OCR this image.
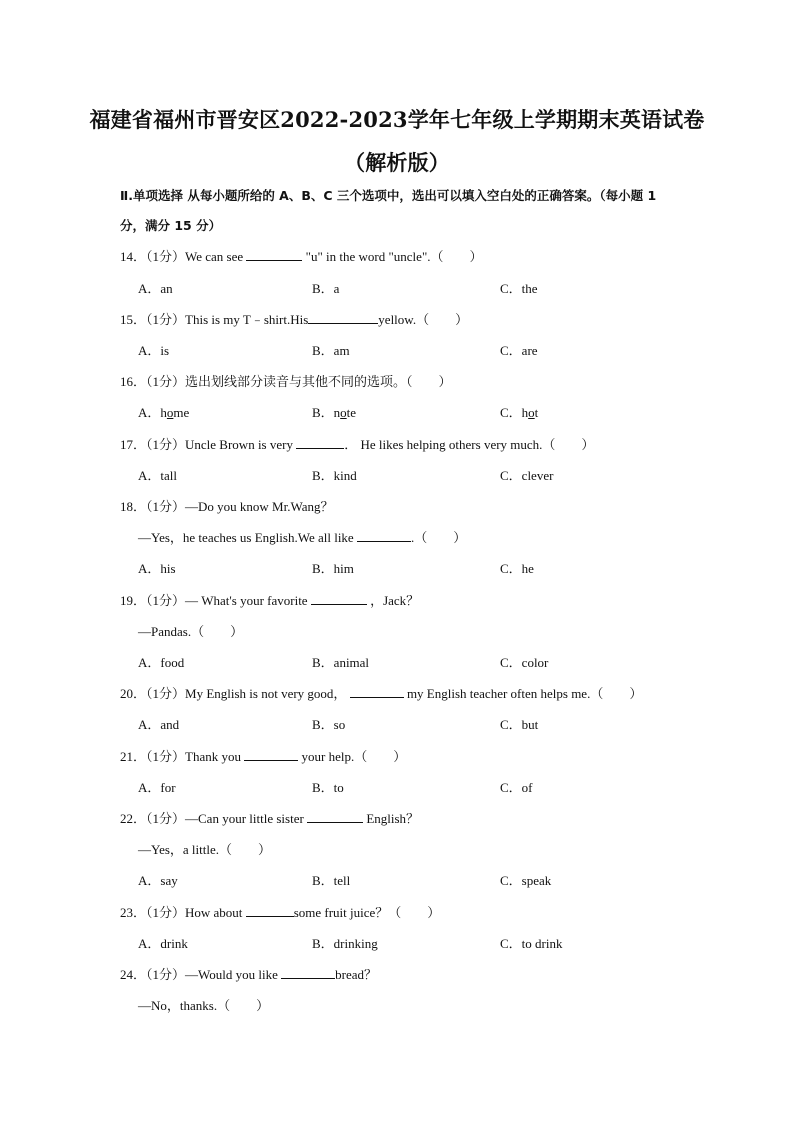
福建省福州市晋安区2022-2023学年七年级上学期期末英语试卷
（解析版）
Ⅱ.单项选择 从每小题所给的 A、B、C 三个选项中，选出可以填入空白处的正确答案。（每小题 1 分，满分 15 分）
14．（1分）We can see	"u" in the word "uncle".（　　）
A．an	B．a	C．the
15．（1分）This is my T﹣shirt.His	yellow.（　　）
A．is	B．am	C．are
16．（1分）选出划线部分读音与其他不同的选项。（　　）
A．home	B．note	C．hot
17．（1分）Uncle Brown is very	． He likes helping others very much.（　　）
A．tall	B．kind	C．clever
18．（1分）—Do you know Mr.Wang？
—Yes，he teaches us English.We all like	.（　　）
A．his	B．him	C．he
19．（1分）— What's your favorite	，Jack？
—Pandas.（　　）
A．food	B．animal	C．color
20．（1分）My English is not very good，	my English teacher often helps me.（　　）
A．and	B．so	C．but
21．（1分）Thank you	your help.（　　）
A．for	B．to	C．of
22．（1分）—Can your little sister	English？
—Yes，a little.（　　）
A．say	B．tell	C．speak
23．（1分）How about	some fruit juice？（　　）
A．drink	B．drinking	C．to drink
24．（1分）—Would you like	bread？
—No，thanks.（　　）
